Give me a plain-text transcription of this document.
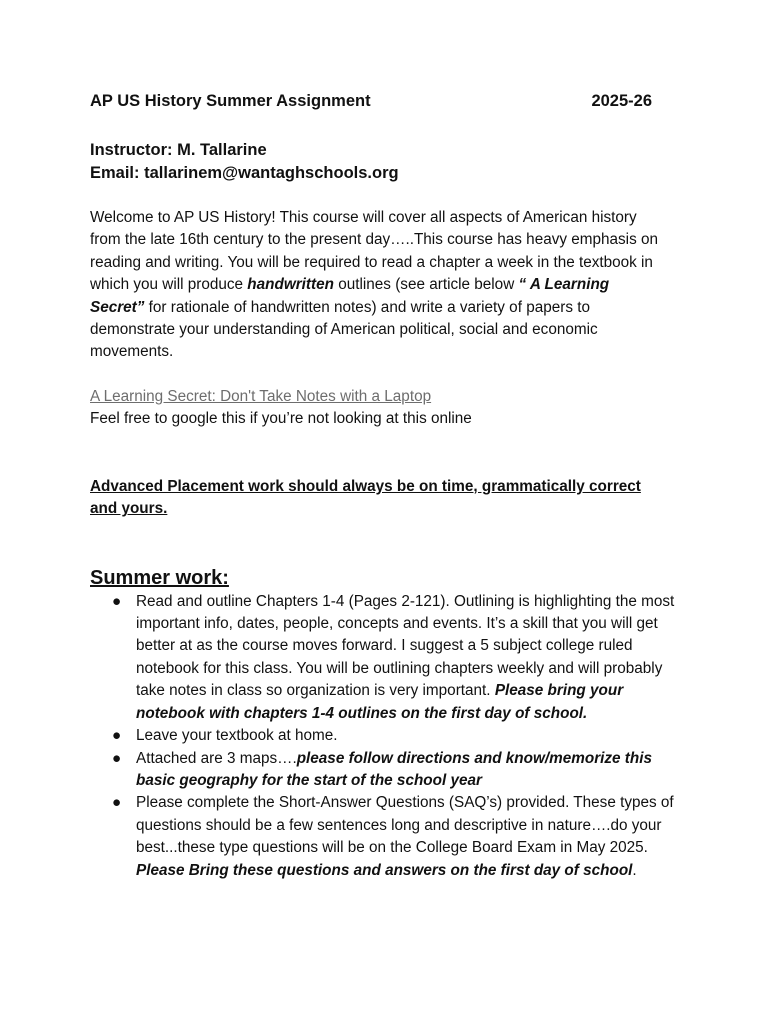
AP US History Summer Assignment	2025-26
Instructor: M. Tallarine
Email: tallarinem@wantaghschools.org
Welcome to AP US History! This course will cover all aspects of American history from the late 16th century to the present day…..This course has heavy emphasis on reading and writing. You will be required to read a chapter a week in the textbook in which you will produce handwritten outlines (see article below “ A Learning Secret” for rationale of handwritten notes) and write a variety of papers to demonstrate your understanding of American political, social and economic movements.
A Learning Secret: Don't Take Notes with a Laptop
Feel free to google this if you’re not looking at this online
Advanced Placement work should always be on time, grammatically correct and yours.
Summer work:
● Read and outline Chapters 1-4 (Pages 2-121). Outlining is highlighting the most important info, dates, people, concepts and events. It’s a skill that you will get better at as the course moves forward. I suggest a 5 subject college ruled notebook for this class. You will be outlining chapters weekly and will probably take notes in class so organization is very important. Please bring your notebook with chapters 1-4 outlines on the first day of school.
● Leave your textbook at home.
● Attached are 3 maps….please follow directions and know/memorize this basic geography for the start of the school year
● Please complete the Short-Answer Questions (SAQ’s) provided. These types of questions should be a few sentences long and descriptive in nature….do your best...these type questions will be on the College Board Exam in May 2025. Please Bring these questions and answers on the first day of school.
